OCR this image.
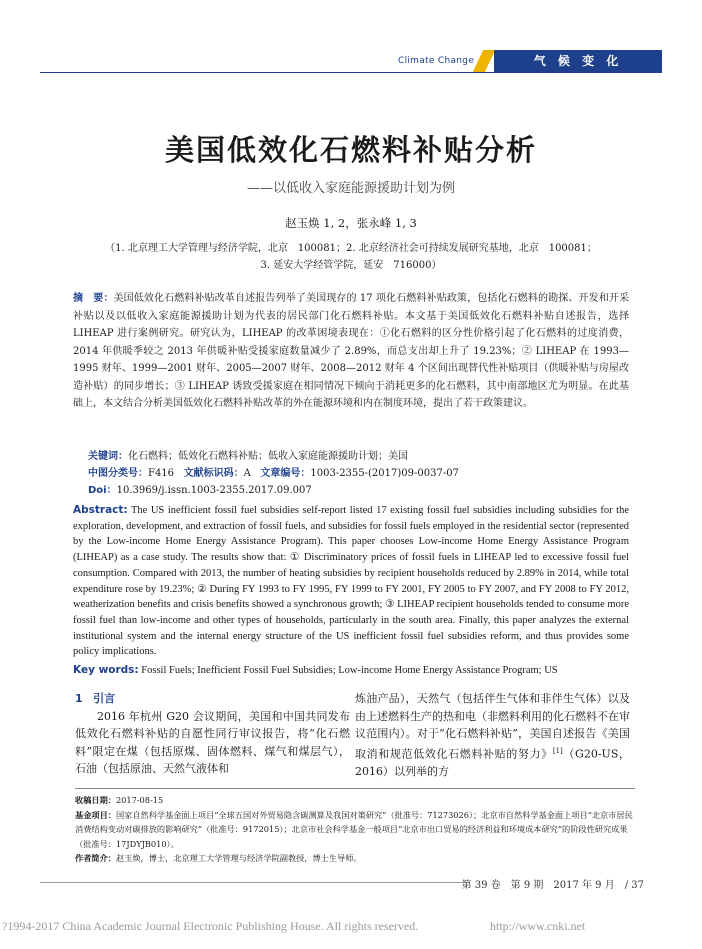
Climate Change	气 候 变 化
美国低效化石燃料补贴分析
——以低收入家庭能源援助计划为例
赵玉焕 1, 2，张永峰 1, 3
（1. 北京理工大学管理与经济学院，北京　100081；2. 北京经济社会可持续发展研究基地，北京　100081；
3. 延安大学经管学院，延安　716000）
摘　要：美国低效化石燃料补贴改革自述报告列举了美国现存的 17 项化石燃料补贴政策，包括化石燃料的勘探、开发和开采补贴以及以低收入家庭能源援助计划为代表的居民部门化石燃料补贴。本文基于美国低效化石燃料补贴自述报告，选择 LIHEAP 进行案例研究。研究认为，LIHEAP 的改革困境表现在：①化石燃料的区分性价格引起了化石燃料的过度消费，2014 年供暖季较之 2013 年供暖补贴受援家庭数量减少了 2.89%，而总支出却上升了 19.23%；② LIHEAP 在 1993—1995 财年、1999—2001 财年、2005—2007 财年、2008—2012 财年 4 个区间出现替代性补贴项目（供暖补贴与房屋改造补贴）的同步增长；③ LIHEAP 诱致受援家庭在相同情况下倾向于消耗更多的化石燃料，其中南部地区尤为明显。在此基础上，本文结合分析美国低效化石燃料补贴改革的外在能源环境和内在制度环境，提出了若干政策建议。
关键词：化石燃料；低效化石燃料补贴；低收入家庭能源援助计划；美国
中图分类号：F416 文献标识码：A 文章编号：1003-2355-(2017)09-0037-07
Doi：10.3969/j.issn.1003-2355.2017.09.007
Abstract: The US inefficient fossil fuel subsidies self-report listed 17 existing fossil fuel subsidies including subsidies for the exploration, development, and extraction of fossil fuels, and subsidies for fossil fuels employed in the residential sector (represented by the Low-income Home Energy Assistance Program). This paper chooses Low-income Home Energy Assistance Program (LIHEAP) as a case study. The results show that: ① Discriminatory prices of fossil fuels in LIHEAP led to excessive fossil fuel consumption. Compared with 2013, the number of heating subsidies by recipient households reduced by 2.89% in 2014, while total expenditure rose by 19.23%; ② During FY 1993 to FY 1995, FY 1999 to FY 2001, FY 2005 to FY 2007, and FY 2008 to FY 2012, weatherization benefits and crisis benefits showed a synchronous growth; ③ LIHEAP recipient households tended to consume more fossil fuel than low-income and other types of households, particularly in the south area. Finally, this paper analyzes the external institutional system and the internal energy structure of the US inefficient fossil fuel subsidies reform, and thus provides some policy implications.
Key words: Fossil Fuels; Inefficient Fossil Fuel Subsidies; Low-income Home Energy Assistance Program; US
1 引言
2016 年杭州 G20 会议期间，美国和中国共同发布低效化石燃料补贴的自愿性同行审议报告，将“化石燃料”限定在煤（包括原煤、固体燃料、煤气和煤层气），石油（包括原油、天然气液体和
炼油产品），天然气（包括伴生气体和非伴生气体）以及由上述燃料生产的热和电（非燃料利用的化石燃料不在审议范围内）。对于“化石燃料补贴”，美国自述报告《美国取消和规范低效化石燃料补贴的努力》[1]（G20-US，2016）以列举的方
收稿日期：2017-08-15
基金项目：国家自然科学基金面上项目“全球五国对外贸易隐含碳测算及我国对策研究”（批准号：71273026）；北京市自然科学基金面上项目“北京市居民消费结构变动对碳排放的影响研究”（批准号：9172015）；北京市社会科学基金一般项目“北京市出口贸易的经济利益和环境成本研究”的阶段性研究成果（批准号：17JDYJB010）。
作者简介：赵玉焕，博士，北京理工大学管理与经济学院副教授，博士生导师。
第 39 卷　第 9 期　2017 年 9 月　/ 37
?1994-2017 China Academic Journal Electronic Publishing House. All rights reserved.	http://www.cnki.net
